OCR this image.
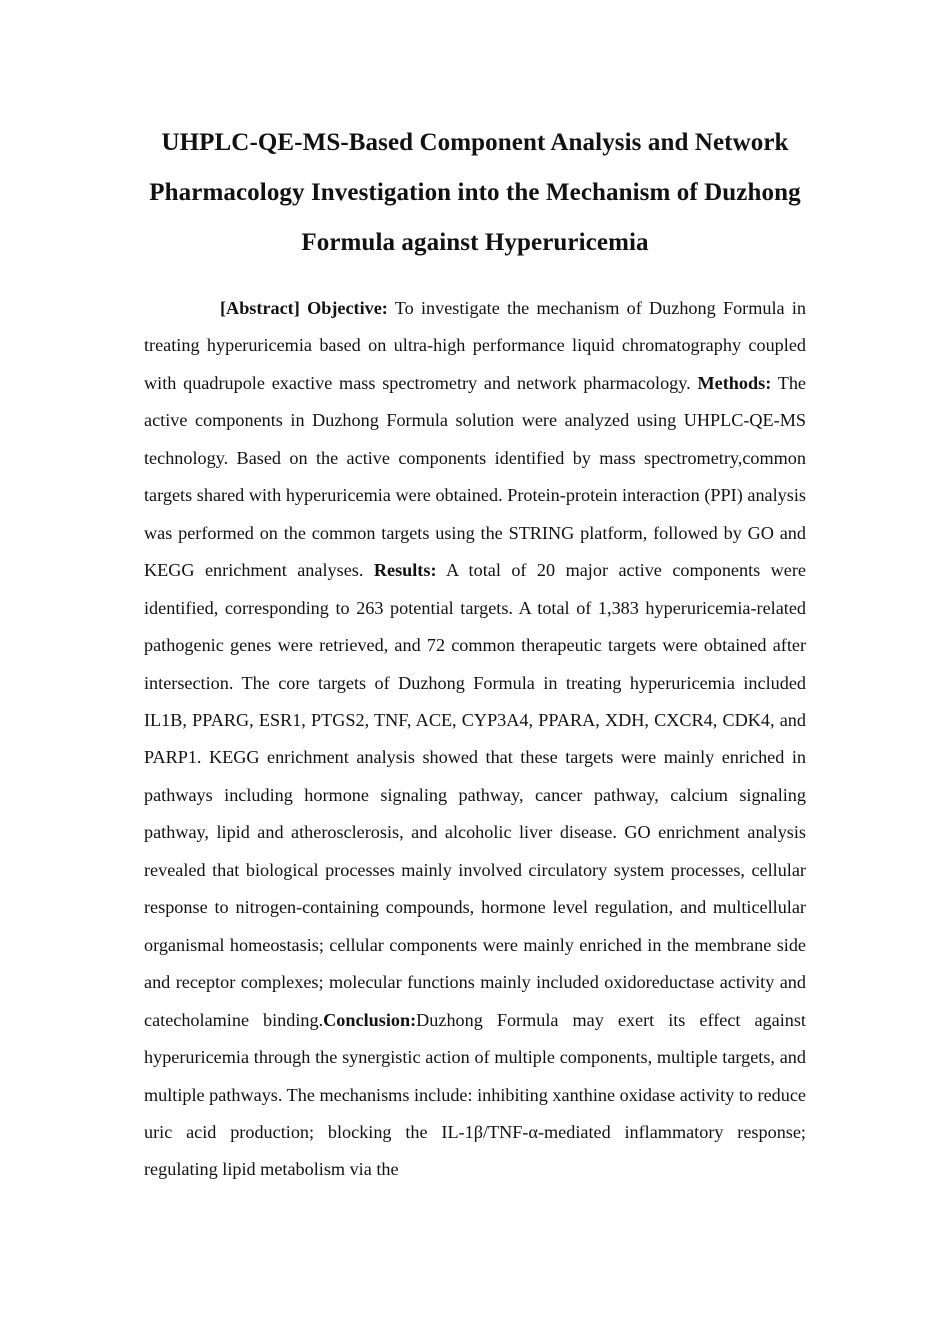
UHPLC-QE-MS-Based Component Analysis and Network Pharmacology Investigation into the Mechanism of Duzhong Formula against Hyperuricemia

[Abstract] Objective: To investigate the mechanism of Duzhong Formula in treating hyperuricemia based on ultra-high performance liquid chromatography coupled with quadrupole exactive mass spectrometry and network pharmacology. Methods: The active components in Duzhong Formula solution were analyzed using UHPLC-QE-MS technology. Based on the active components identified by mass spectrometry,common targets shared with hyperuricemia were obtained. Protein-protein interaction (PPI) analysis was performed on the common targets using the STRING platform, followed by GO and KEGG enrichment analyses. Results: A total of 20 major active components were identified, corresponding to 263 potential targets. A total of 1,383 hyperuricemia-related pathogenic genes were retrieved, and 72 common therapeutic targets were obtained after intersection. The core targets of Duzhong Formula in treating hyperuricemia included IL1B, PPARG, ESR1, PTGS2, TNF, ACE, CYP3A4, PPARA, XDH, CXCR4, CDK4, and PARP1. KEGG enrichment analysis showed that these targets were mainly enriched in pathways including hormone signaling pathway, cancer pathway, calcium signaling pathway, lipid and atherosclerosis, and alcoholic liver disease. GO enrichment analysis revealed that biological processes mainly involved circulatory system processes, cellular response to nitrogen-containing compounds, hormone level regulation, and multicellular organismal homeostasis; cellular components were mainly enriched in the membrane side and receptor complexes; molecular functions mainly included oxidoreductase activity and catecholamine binding.Conclusion:Duzhong Formula may exert its effect against hyperuricemia through the synergistic action of multiple components, multiple targets, and multiple pathways. The mechanisms include: inhibiting xanthine oxidase activity to reduce uric acid production; blocking the IL-1β/TNF-α-mediated inflammatory response; regulating lipid metabolism via the
